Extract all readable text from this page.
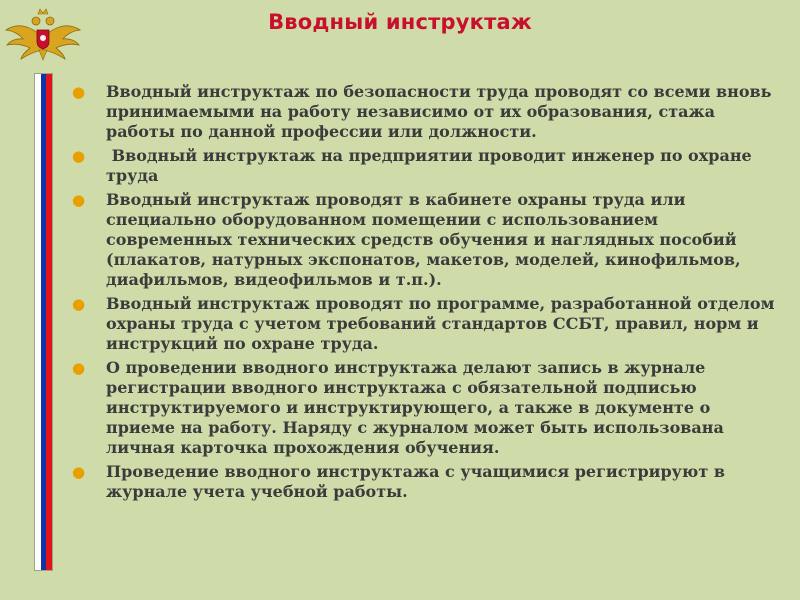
Вводный инструктаж
● Вводный инструктаж по безопасности труда проводят со всеми вновь принимаемыми на работу независимо от их образования, стажа работы по данной профессии или должности.
● Вводный инструктаж на предприятии проводит инженер по охране труда
● Вводный инструктаж проводят в кабинете охраны труда или специально оборудованном помещении с использованием современных технических средств обучения и наглядных пособий (плакатов, натурных экспонатов, макетов, моделей, кинофильмов, диафильмов, видеофильмов и т.п.).
● Вводный инструктаж проводят по программе, разработанной отделом охраны труда с учетом требований стандартов ССБТ, правил, норм и инструкций по охране труда.
● О проведении вводного инструктажа делают запись в журнале регистрации вводного инструктажа с обязательной подписью инструктируемого и инструктирующего, а также в документе о приеме на работу. Наряду с журналом может быть использована личная карточка прохождения обучения.
● Проведение вводного инструктажа с учащимися регистрируют в журнале учета учебной работы.
